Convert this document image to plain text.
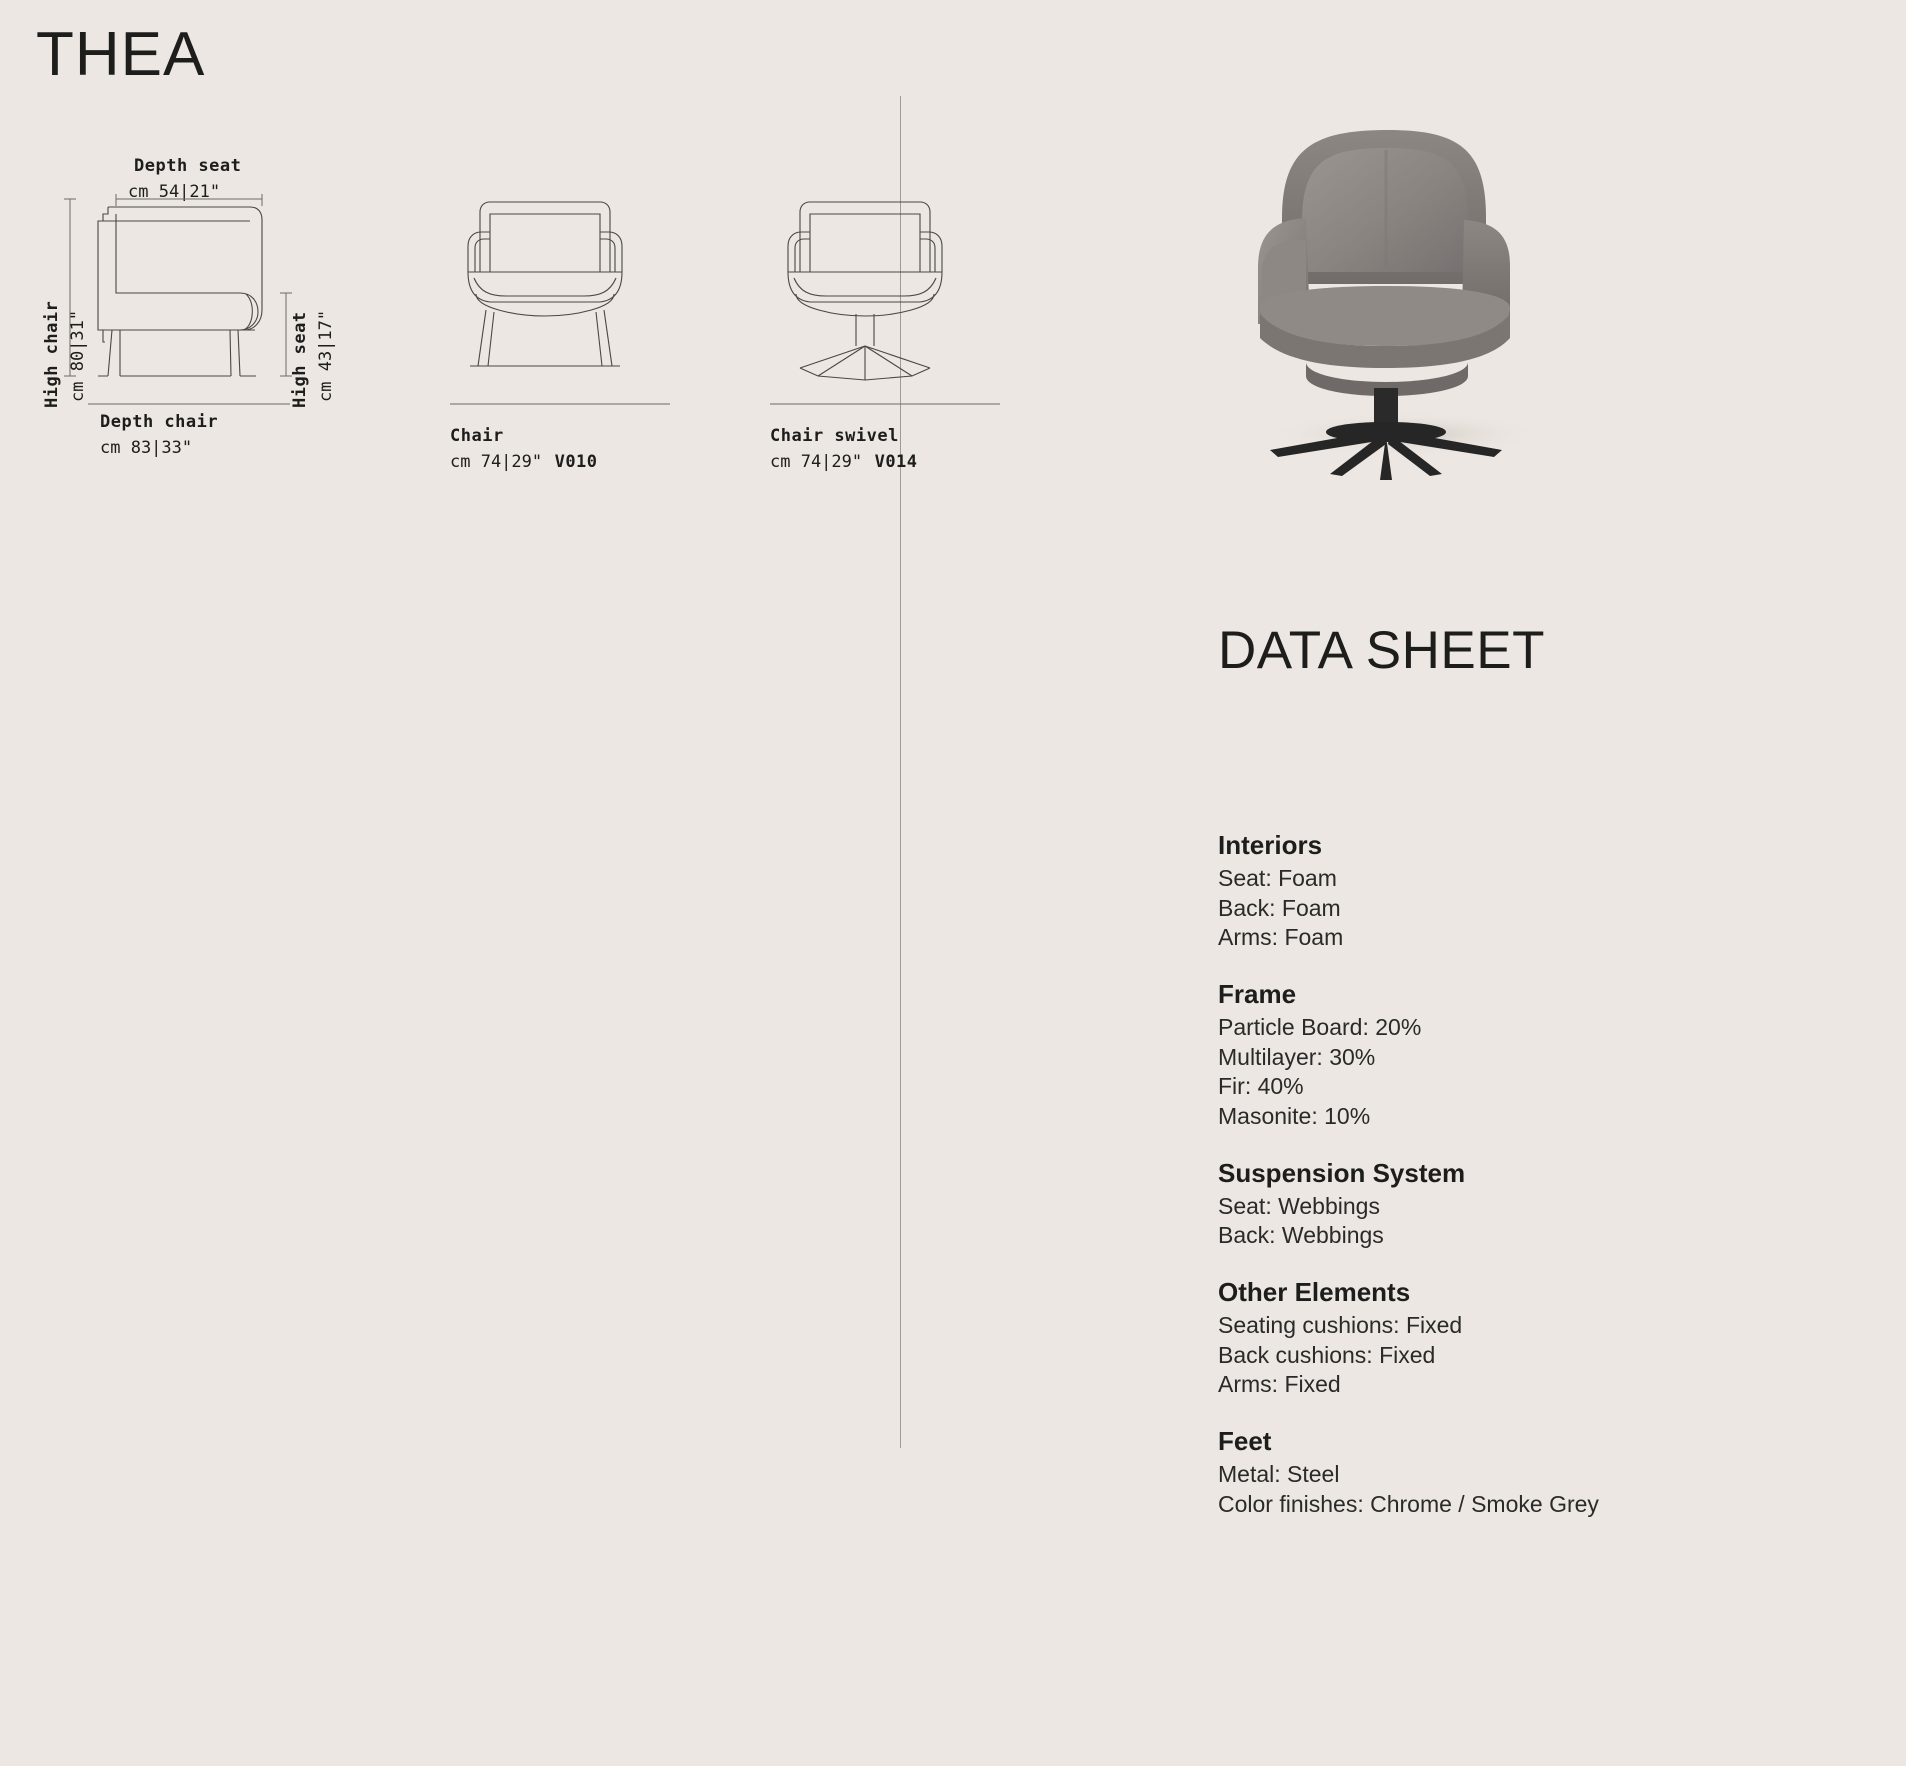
THEA
Depth seat
cm 54|21"
High chair cm 80|31"	High seat cm 43|17"
Depth chair
cm 83|33"
Chair
cm 74|29" V010
Chair swivel
cm 74|29" V014
DATA SHEET
Interiors
Seat: Foam
Back: Foam
Arms: Foam
Frame
Particle Board: 20%
Multilayer: 30%
Fir: 40%
Masonite: 10%
Suspension System
Seat: Webbings
Back: Webbings
Other Elements
Seating cushions: Fixed
Back cushions: Fixed
Arms: Fixed
Feet
Metal: Steel
Color finishes: Chrome / Smoke Grey
